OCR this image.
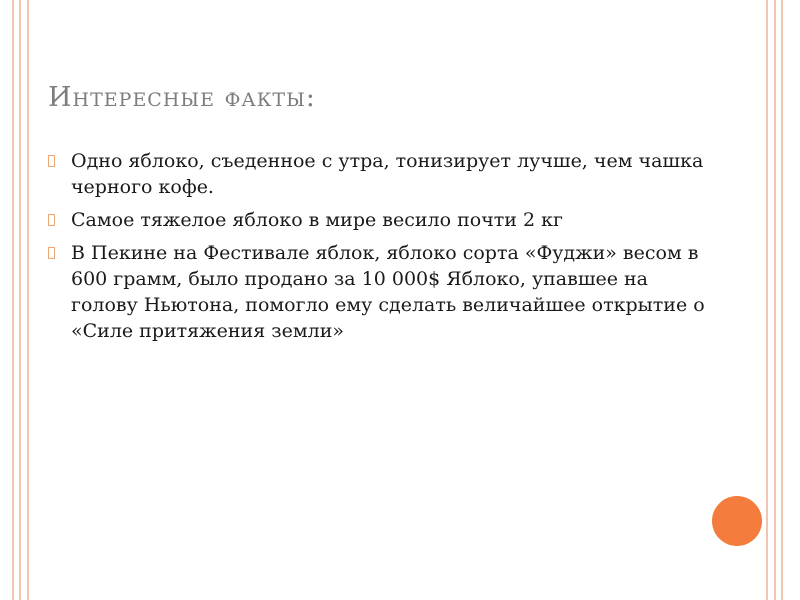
Интересные факты:
Одно яблоко, съеденное с утра, тонизирует лучше, чем чашка черного кофе.
Самое тяжелое яблоко в мире весило почти 2 кг
В Пекине на Фестивале яблок, яблоко сорта «Фуджи» весом в 600 грамм, было продано за 10 000$ Яблоко, упавшее на голову Ньютона, помогло ему сделать величайшее открытие о «Силе притяжения земли»
